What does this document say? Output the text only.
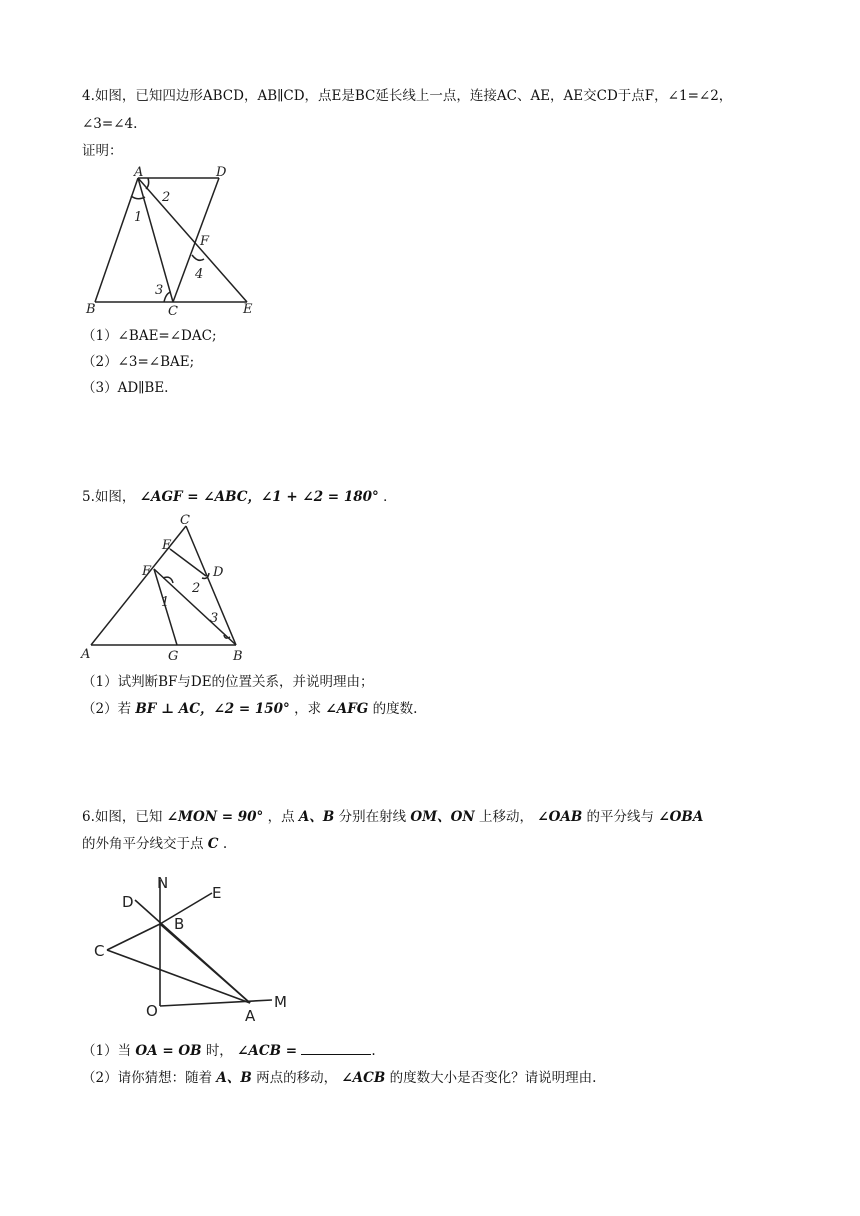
4.如图，已知四边形ABCD，AB∥CD，点E是BC延长线上一点，连接AC、AE，AE交CD于点F，∠1=∠2，
∠3=∠4.
证明：
A	D
B	C	E
F
1
2
3
4
（1）∠BAE=∠DAC;
（2）∠3=∠BAE;
（3）AD∥BE.
5.如图， ∠AGF = ∠ABC，∠1 + ∠2 = 180° ．
C
E
F	D
A	G	B
1
2
3
（1）试判断BF与DE的位置关系，并说明理由；
（2）若 BF ⊥ AC，∠2 = 150° ，求 ∠AFG 的度数.
6.如图，已知 ∠MON = 90° ，点 A、B 分别在射线 OM、ON 上移动， ∠OAB 的平分线与 ∠OBA
的外角平分线交于点 C .
N
E
D
B
C
O	A
M
（1）当 OA = OB 时， ∠ACB =	.
（2）请你猜想：随着 A、B 两点的移动， ∠ACB 的度数大小是否变化？请说明理由.
